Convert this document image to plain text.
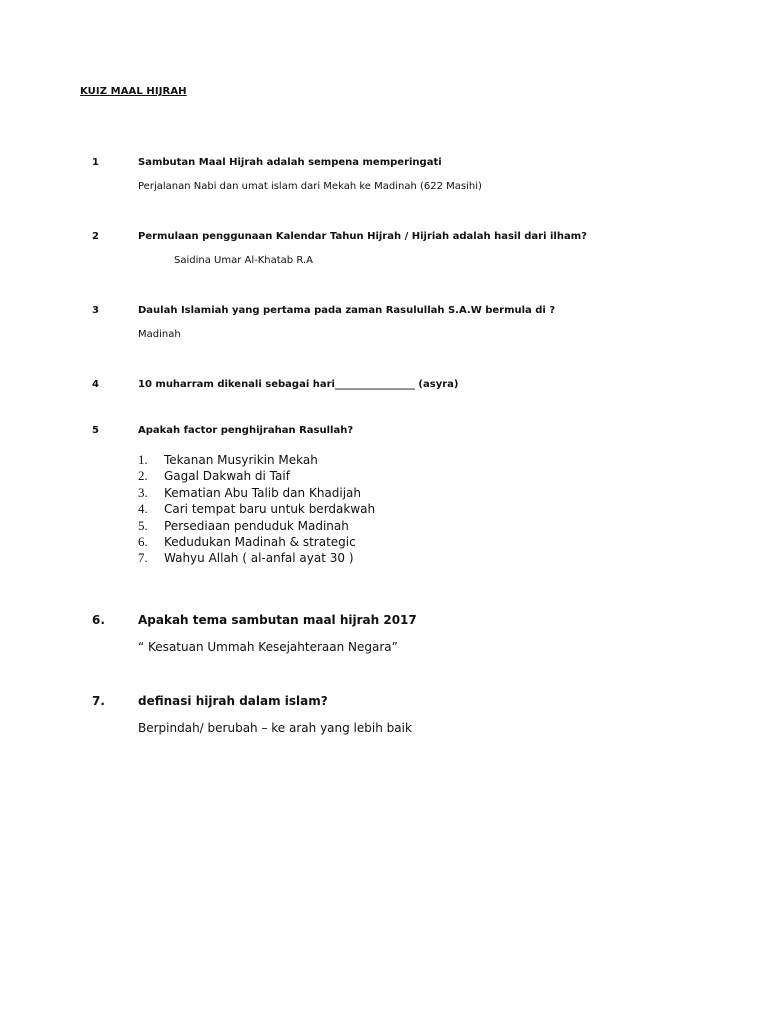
KUIZ MAAL HIJRAH
1	Sambutan Maal Hijrah adalah sempena memperingati
Perjalanan Nabi dan umat islam dari Mekah ke Madinah (622 Masihi)
2	Permulaan penggunaan Kalendar Tahun Hijrah / Hijriah adalah hasil dari ilham?
Saidina Umar Al-Khatab R.A
3	Daulah Islamiah yang pertama pada zaman Rasulullah S.A.W bermula di ?
Madinah
4	10 muharram dikenali sebagai hari________________ (asyra)
5	Apakah factor penghijrahan Rasullah?
1. Tekanan Musyrikin Mekah
2. Gagal Dakwah di Taif
3. Kematian Abu Talib dan Khadijah
4. Cari tempat baru untuk berdakwah
5. Persediaan penduduk Madinah
6. Kedudukan Madinah & strategic
7. Wahyu Allah ( al-anfal ayat 30 )
6.	Apakah tema sambutan maal hijrah 2017
“ Kesatuan Ummah Kesejahteraan Negara”
7.	definasi hijrah dalam islam?
Berpindah/ berubah – ke arah yang lebih baik
